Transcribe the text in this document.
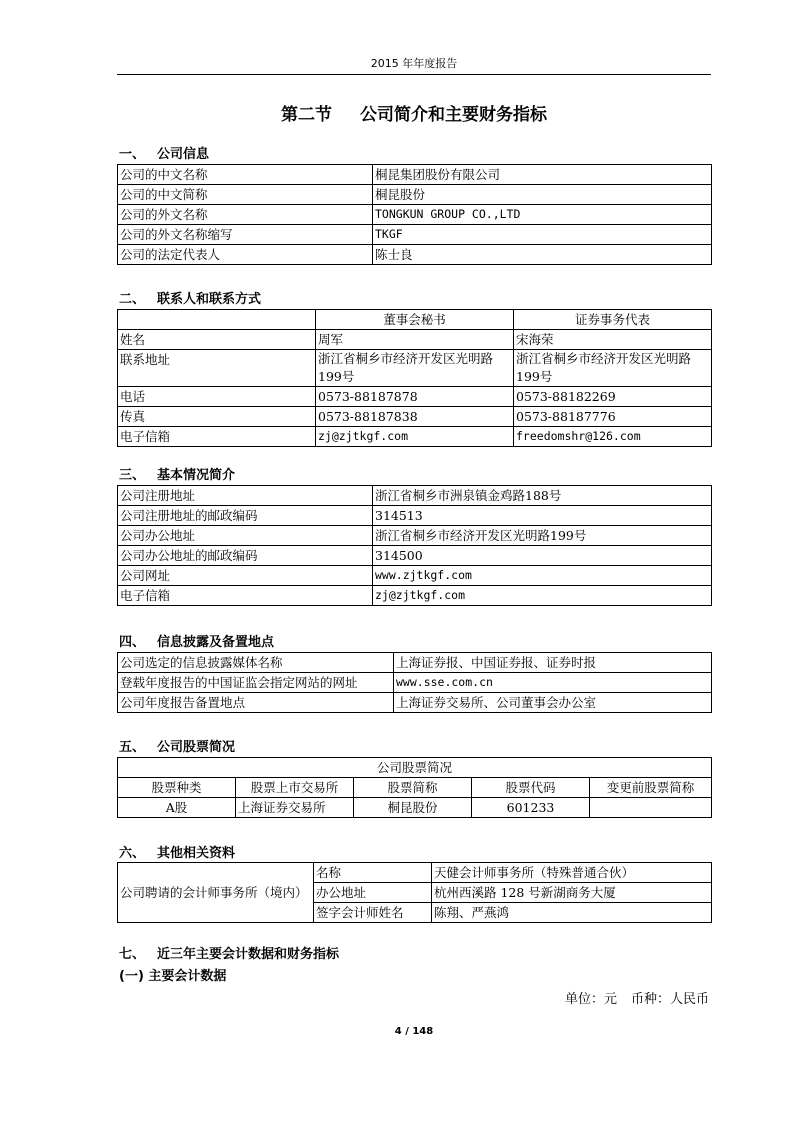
2015 年年度报告
第二节 公司简介和主要财务指标
一、 公司信息
公司的中文名称	桐昆集团股份有限公司
公司的中文简称	桐昆股份
公司的外文名称	TONGKUN GROUP CO.,LTD
公司的外文名称缩写	TKGF
公司的法定代表人	陈士良
二、 联系人和联系方式
	董事会秘书	证券事务代表
姓名	周军	宋海荣
联系地址	浙江省桐乡市经济开发区光明路199号	浙江省桐乡市经济开发区光明路199号
电话	0573-88187878	0573-88182269
传真	0573-88187838	0573-88187776
电子信箱	zj@zjtkgf.com	freedomshr@126.com
三、 基本情况简介
公司注册地址	浙江省桐乡市洲泉镇金鸡路188号
公司注册地址的邮政编码	314513
公司办公地址	浙江省桐乡市经济开发区光明路199号
公司办公地址的邮政编码	314500
公司网址	www.zjtkgf.com
电子信箱	zj@zjtkgf.com
四、 信息披露及备置地点
公司选定的信息披露媒体名称	上海证券报、中国证券报、证券时报
登载年度报告的中国证监会指定网站的网址	www.sse.com.cn
公司年度报告备置地点	上海证券交易所、公司董事会办公室
五、 公司股票简况
公司股票简况				
股票种类	股票上市交易所	股票简称	股票代码	变更前股票简称
A股	上海证券交易所	桐昆股份	601233	
六、 其他相关资料
公司聘请的会计师事务所（境内）	名称	天健会计师事务所（特殊普通合伙）
	办公地址	杭州西溪路 128 号新湖商务大厦
	签字会计师姓名	陈翔、严燕鸿
七、 近三年主要会计数据和财务指标
(一) 主要会计数据
单位：元 币种：人民币
4 / 148
